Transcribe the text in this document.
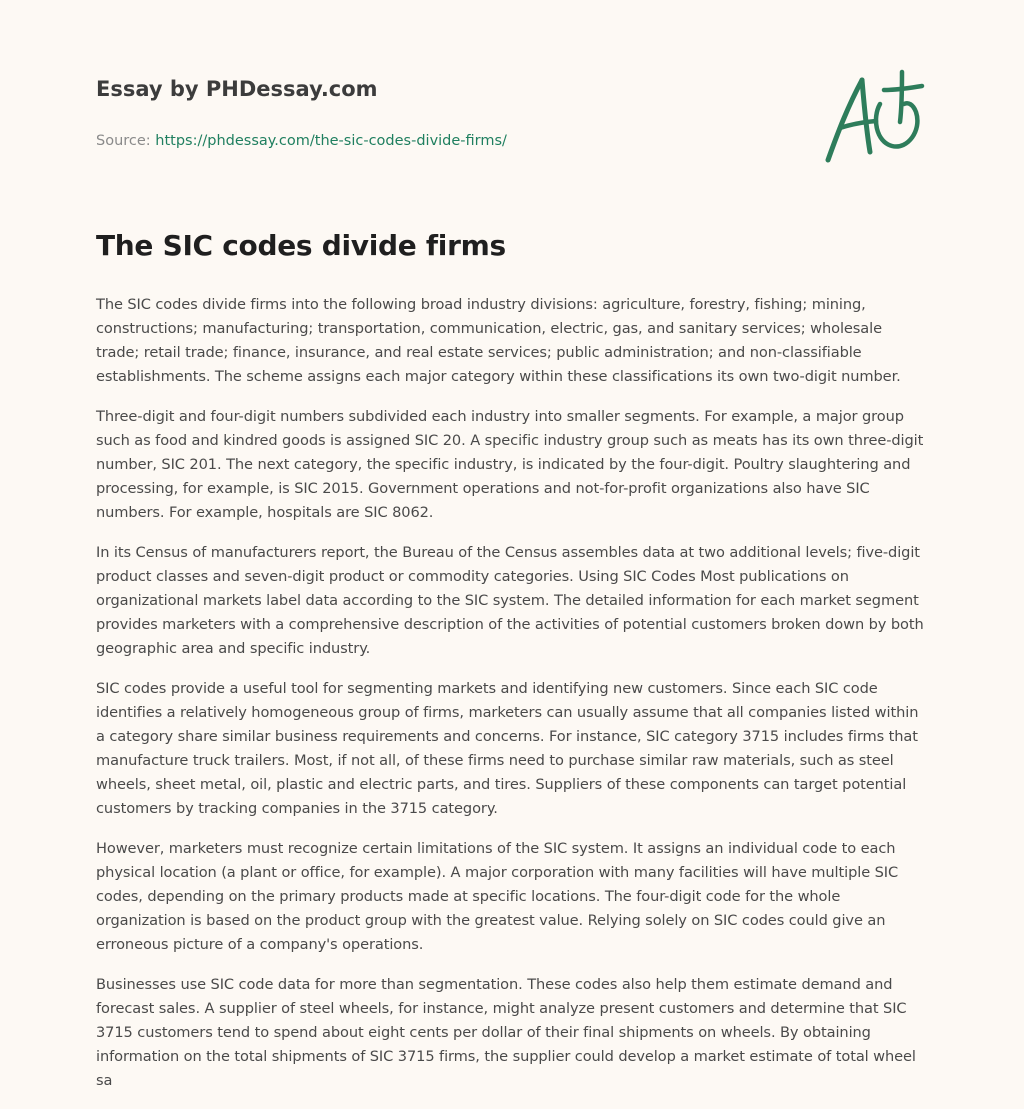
Essay by PHDessay.com
Source: https://phdessay.com/the-sic-codes-divide-firms/
The SIC codes divide firms

The SIC codes divide firms into the following broad industry divisions: agriculture, forestry, fishing; mining, constructions; manufacturing; transportation, communication, electric, gas, and sanitary services; wholesale trade; retail trade; finance, insurance, and real estate services; public administration; and non-classifiable establishments. The scheme assigns each major category within these classifications its own two-digit number.

Three-digit and four-digit numbers subdivided each industry into smaller segments. For example, a major group such as food and kindred goods is assigned SIC 20. A specific industry group such as meats has its own three-digit number, SIC 201. The next category, the specific industry, is indicated by the four-digit. Poultry slaughtering and processing, for example, is SIC 2015. Government operations and not-for-profit organizations also have SIC numbers. For example, hospitals are SIC 8062.

In its Census of manufacturers report, the Bureau of the Census assembles data at two additional levels; five-digit product classes and seven-digit product or commodity categories. Using SIC Codes Most publications on organizational markets label data according to the SIC system. The detailed information for each market segment provides marketers with a comprehensive description of the activities of potential customers broken down by both geographic area and specific industry.

SIC codes provide a useful tool for segmenting markets and identifying new customers. Since each SIC code identifies a relatively homogeneous group of firms, marketers can usually assume that all companies listed within a category share similar business requirements and concerns. For instance, SIC category 3715 includes firms that manufacture truck trailers. Most, if not all, of these firms need to purchase similar raw materials, such as steel wheels, sheet metal, oil, plastic and electric parts, and tires. Suppliers of these components can target potential customers by tracking companies in the 3715 category.

However, marketers must recognize certain limitations of the SIC system. It assigns an individual code to each physical location (a plant or office, for example). A major corporation with many facilities will have multiple SIC codes, depending on the primary products made at specific locations. The four-digit code for the whole organization is based on the product group with the greatest value. Relying solely on SIC codes could give an erroneous picture of a company's operations.

Businesses use SIC code data for more than segmentation. These codes also help them estimate demand and forecast sales. A supplier of steel wheels, for instance, might analyze present customers and determine that SIC 3715 customers tend to spend about eight cents per dollar of their final shipments on wheels. By obtaining information on the total shipments of SIC 3715 firms, the supplier could develop a market estimate of total wheel sa
